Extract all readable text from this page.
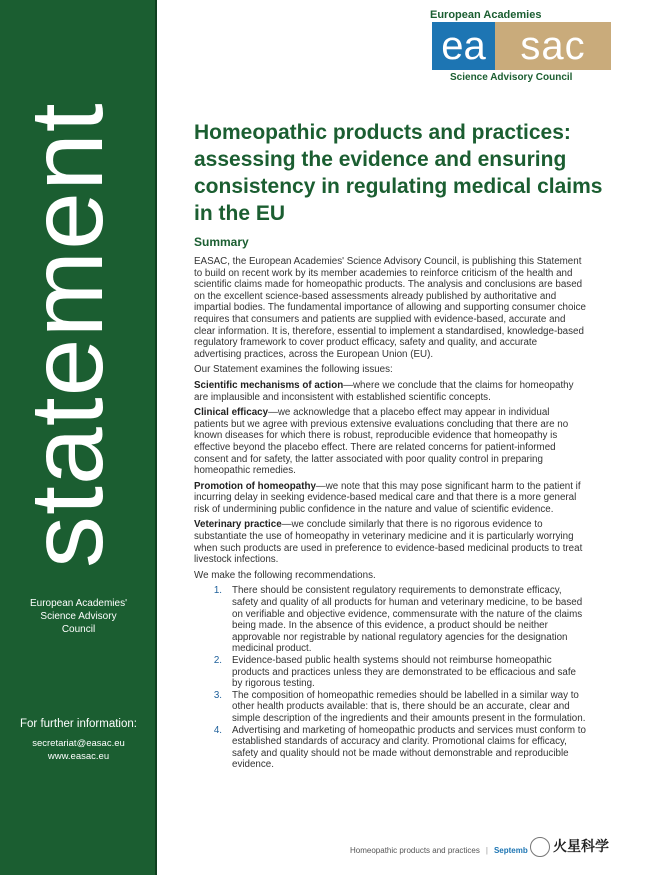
statement
European Academies'
Science Advisory
Council
For further information:
secretariat@easac.eu
www.easac.eu
European Academies
ea sac
Science Advisory Council
Homeopathic products and practices: assessing the evidence and ensuring consistency in regulating medical claims in the EU
Summary

EASAC, the European Academies' Science Advisory Council, is publishing this Statement to build on recent work by its member academies to reinforce criticism of the health and scientific claims made for homeopathic products. The analysis and conclusions are based on the excellent science-based assessments already published by authoritative and impartial bodies. The fundamental importance of allowing and supporting consumer choice requires that consumers and patients are supplied with evidence-based, accurate and clear information. It is, therefore, essential to implement a standardised, knowledge-based regulatory framework to cover product efficacy, safety and quality, and accurate advertising practices, across the European Union (EU).

Our Statement examines the following issues:

Scientific mechanisms of action—where we conclude that the claims for homeopathy are implausible and inconsistent with established scientific concepts.

Clinical efficacy—we acknowledge that a placebo effect may appear in individual patients but we agree with previous extensive evaluations concluding that there are no known diseases for which there is robust, reproducible evidence that homeopathy is effective beyond the placebo effect. There are related concerns for patient-informed consent and for safety, the latter associated with poor quality control in preparing homeopathic remedies.

Promotion of homeopathy—we note that this may pose significant harm to the patient if incurring delay in seeking evidence-based medical care and that there is a more general risk of undermining public confidence in the nature and value of scientific evidence.

Veterinary practice—we conclude similarly that there is no rigorous evidence to substantiate the use of homeopathy in veterinary medicine and it is particularly worrying when such products are used in preference to evidence-based medicinal products to treat livestock infections.

We make the following recommendations.

1.	There should be consistent regulatory requirements to demonstrate efficacy, safety and quality of all products for human and veterinary medicine, to be based on verifiable and objective evidence, commensurate with the nature of the claims being made. In the absence of this evidence, a product should be neither approvable nor registrable by national regulatory agencies for the designation medicinal product.
2.	Evidence-based public health systems should not reimburse homeopathic products and practices unless they are demonstrated to be efficacious and safe by rigorous testing.
3.	The composition of homeopathic remedies should be labelled in a similar way to other health products available: that is, there should be an accurate, clear and simple description of the ingredients and their amounts present in the formulation.
4.	Advertising and marketing of homeopathic products and services must conform to established standards of accuracy and clarity. Promotional claims for efficacy, safety and quality should not be made without demonstrable and reproducible evidence.
Homeopathic products and practices | Septemb	火星科学
